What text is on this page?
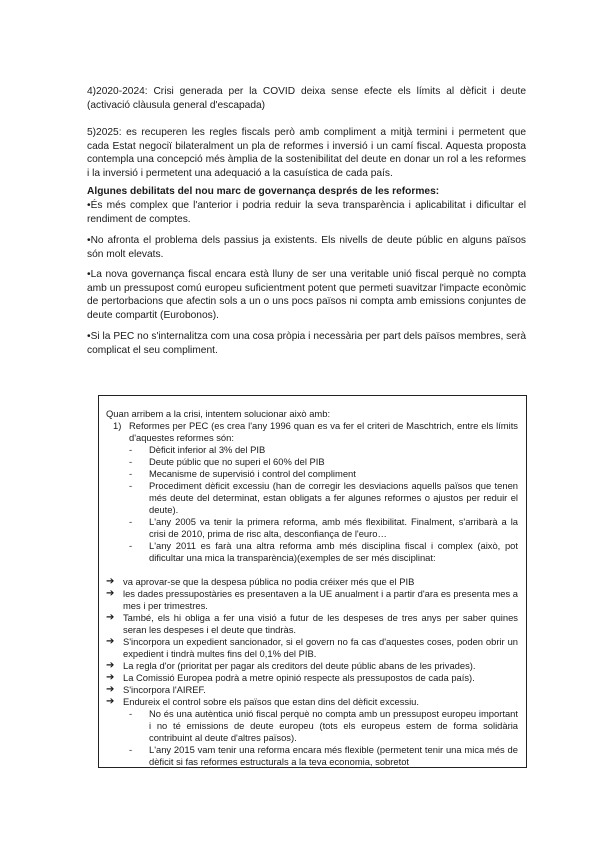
4)2020-2024: Crisi generada per la COVID deixa sense efecte els límits al dèficit i deute (activació clàusula general d'escapada)

5)2025: es recuperen les regles fiscals però amb compliment a mitjà termini i permetent que cada Estat negociï bilateralment un pla de reformes i inversió i un camí fiscal. Aquesta proposta contempla una concepció més àmplia de la sostenibilitat del deute en donar un rol a les reformes i la inversió i permetent una adequació a la casuística de cada país.

Algunes debilitats del nou marc de governança després de les reformes:

•És més complex que l'anterior i podria reduir la seva transparència i aplicabilitat i dificultar el rendiment de comptes.

•No afronta el problema dels passius ja existents. Els nivells de deute públic en alguns països són molt elevats.

•La nova governança fiscal encara està lluny de ser una veritable unió fiscal perquè no compta amb un pressupost comú europeu suficientment potent que permeti suavitzar l'impacte econòmic de pertorbacions que afectin sols a un o uns pocs països ni compta amb emissions conjuntes de deute compartit (Eurobonos).

•Si la PEC no s'internalitza com una cosa pròpia i necessària per part dels països membres, serà complicat el seu compliment.

Quan arribem a la crisi, intentem solucionar això amb:

1) Reformes per PEC (es crea l'any 1996 quan es va fer el criteri de Maschtrich, entre els límits d'aquestes reformes són:
- Dèficit inferior al 3% del PIB
- Deute públic que no superi el 60% del PIB
- Mecanisme de supervisió i control del compliment
- Procediment dèficit excessiu (han de corregir les desviacions aquells països que tenen més deute del determinat, estan obligats a fer algunes reformes o ajustos per reduir el deute).
- L'any 2005 va tenir la primera reforma, amb més flexibilitat. Finalment, s'arribarà a la crisi de 2010, prima de risc alta, desconfiança de l'euro…
- L'any 2011 es farà una altra reforma amb més disciplina fiscal i complex (això, pot dificultar una mica la transparència)(exemples de ser més disciplinat:
➔ va aprovar-se que la despesa pública no podia créixer més que el PIB
➔ les dades pressupostàries es presentaven a la UE anualment i a partir d'ara es presenta mes a mes i per trimestres.
➔ També, els hi obliga a fer una visió a futur de les despeses de tres anys per saber quines seran les despeses i el deute que tindràs.
➔ S'incorpora un expedient sancionador, si el govern no fa cas d'aquestes coses, poden obrir un expedient i tindrà multes fins del 0,1% del PIB.
➔ La regla d'or (prioritat per pagar als creditors del deute públic abans de les privades).
➔ La Comissió Europea podrà a metre opinió respecte als pressupostos de cada país).
➔ S'incorpora l'AIREF.
➔ Endureix el control sobre els països que estan dins del dèficit excessiu.
- No és una autèntica unió fiscal perquè no compta amb un pressupost europeu important i no té emissions de deute europeu (tots els europeus estem de forma solidària contribuint al deute d'altres països).
- L'any 2015 vam tenir una reforma encara més flexible (permetent tenir una mica més de dèficit si fas reformes estructurals a la teva economia, sobretot
